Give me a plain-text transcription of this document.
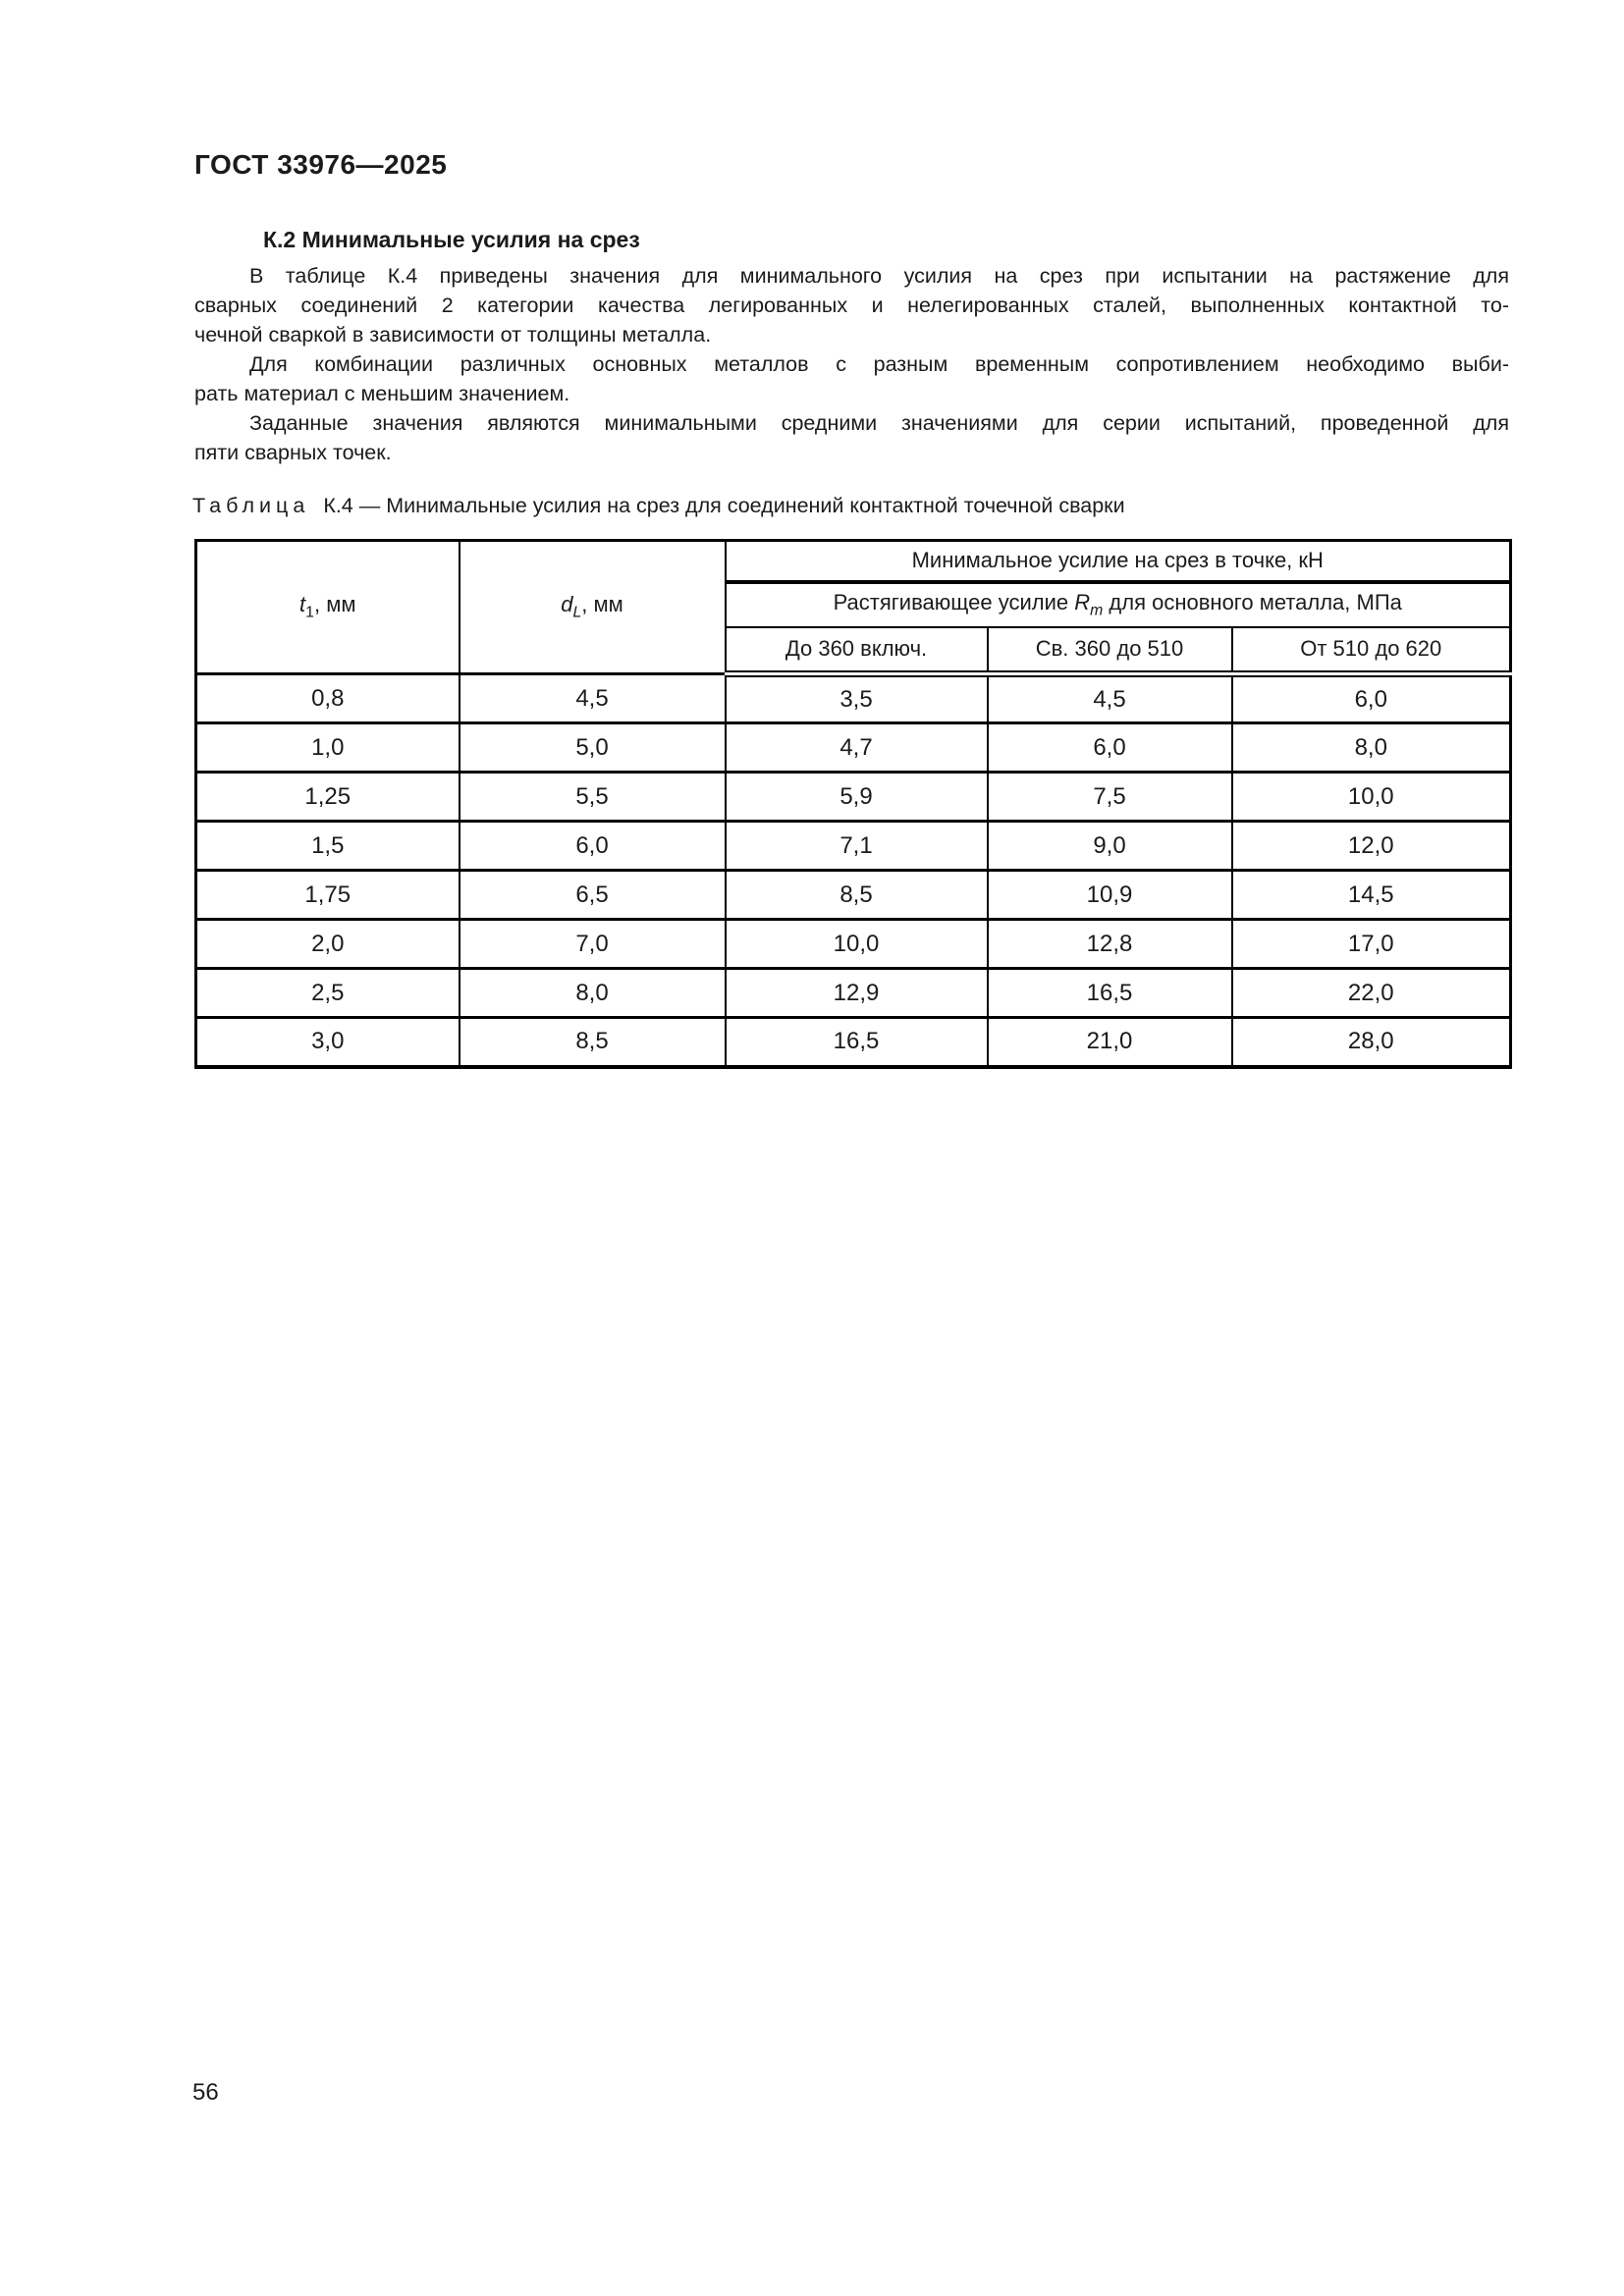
ГОСТ 33976—2025
К.2 Минимальные усилия на срез
В таблице К.4 приведены значения для минимального усилия на срез при испытании на растяжение для
сварных соединений 2 категории качества легированных и нелегированных сталей, выполненных контактной то-
чечной сваркой в зависимости от толщины металла.
Для комбинации различных основных металлов с разным временным сопротивлением необходимо выби-
рать материал с меньшим значением.
Заданные значения являются минимальными средними значениями для серии испытаний, проведенной для
пяти сварных точек.
Таблица К.4 — Минимальные усилия на срез для соединений контактной точечной сварки
$t_1$, мм	$d_L$, мм	Минимальное усилие на срез в точке, кН		
		Растягивающее усилие $R_m$ для основного металла, МПа		
		До 360 включ.	Св. 360 до 510	От 510 до 620
0,8	4,5	3,5	4,5	6,0
1,0	5,0	4,7	6,0	8,0
1,25	5,5	5,9	7,5	10,0
1,5	6,0	7,1	9,0	12,0
1,75	6,5	8,5	10,9	14,5
2,0	7,0	10,0	12,8	17,0
2,5	8,0	12,9	16,5	22,0
3,0	8,5	16,5	21,0	28,0
56
